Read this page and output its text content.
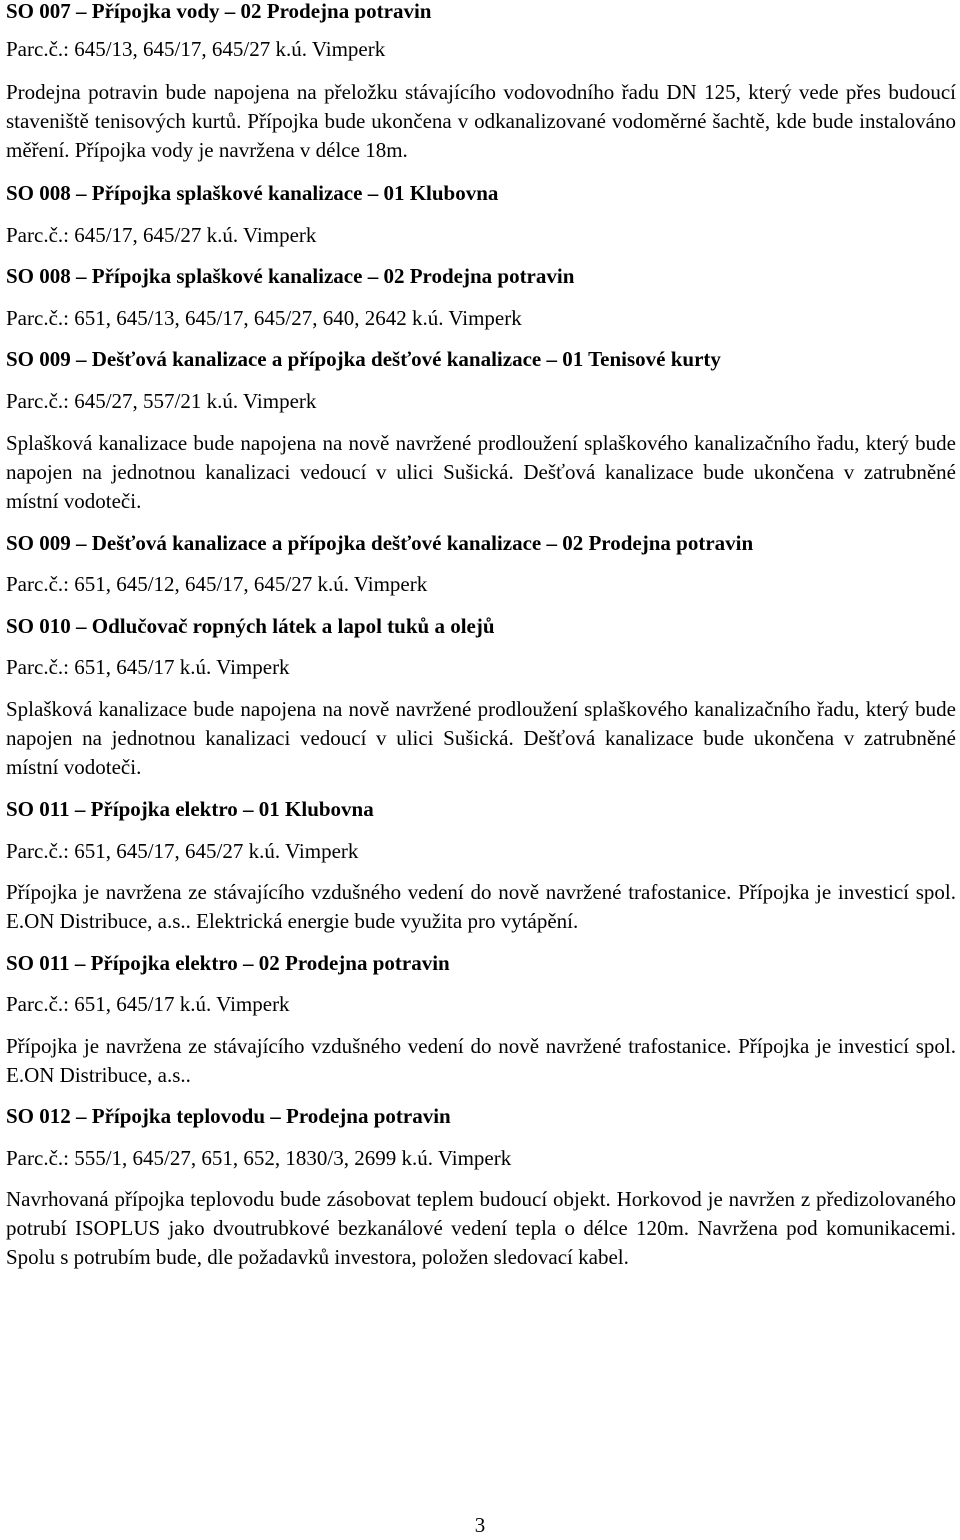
SO 007 – Přípojka vody – 02 Prodejna potravin
Parc.č.: 645/13, 645/17, 645/27 k.ú. Vimperk
Prodejna potravin bude napojena na přeložku stávajícího vodovodního řadu DN 125, který vede přes budoucí staveniště tenisových kurtů. Přípojka bude ukončena v odkanalizované vodoměrné šachtě, kde bude instalováno měření. Přípojka vody je navržena v délce 18m.
SO 008 – Přípojka splaškové kanalizace – 01 Klubovna
Parc.č.: 645/17, 645/27 k.ú. Vimperk
SO 008 – Přípojka splaškové kanalizace – 02 Prodejna potravin
Parc.č.: 651, 645/13, 645/17, 645/27, 640, 2642 k.ú. Vimperk
SO 009 – Dešťová kanalizace a přípojka dešťové kanalizace – 01 Tenisové kurty
Parc.č.: 645/27, 557/21 k.ú. Vimperk
Splašková kanalizace bude napojena na nově navržené prodloužení splaškového kanalizačního řadu, který bude napojen na jednotnou kanalizaci vedoucí v ulici Sušická. Dešťová kanalizace bude ukončena v zatrubněné místní vodoteči.
SO 009 – Dešťová kanalizace a přípojka dešťové kanalizace – 02 Prodejna potravin
Parc.č.: 651, 645/12, 645/17, 645/27 k.ú. Vimperk
SO 010 – Odlučovač ropných látek a lapol tuků a olejů
Parc.č.: 651, 645/17 k.ú. Vimperk
Splašková kanalizace bude napojena na nově navržené prodloužení splaškového kanalizačního řadu, který bude napojen na jednotnou kanalizaci vedoucí v ulici Sušická. Dešťová kanalizace bude ukončena v zatrubněné místní vodoteči.
SO 011 – Přípojka elektro – 01 Klubovna
Parc.č.: 651, 645/17, 645/27 k.ú. Vimperk
Přípojka je navržena ze stávajícího vzdušného vedení do nově navržené trafostanice. Přípojka je investicí spol. E.ON Distribuce, a.s.. Elektrická energie bude využita pro vytápění.
SO 011 – Přípojka elektro – 02 Prodejna potravin
Parc.č.: 651, 645/17 k.ú. Vimperk
Přípojka je navržena ze stávajícího vzdušného vedení do nově navržené trafostanice. Přípojka je investicí spol. E.ON Distribuce, a.s..
SO 012 – Přípojka teplovodu – Prodejna potravin
Parc.č.: 555/1, 645/27, 651, 652, 1830/3, 2699 k.ú. Vimperk
Navrhovaná přípojka teplovodu bude zásobovat teplem budoucí objekt. Horkovod je navržen z předizolovaného potrubí ISOPLUS jako dvoutrubkové bezkanálové vedení tepla o délce 120m. Navržena pod komunikacemi. Spolu s potrubím bude, dle požadavků investora, položen sledovací kabel.
3
